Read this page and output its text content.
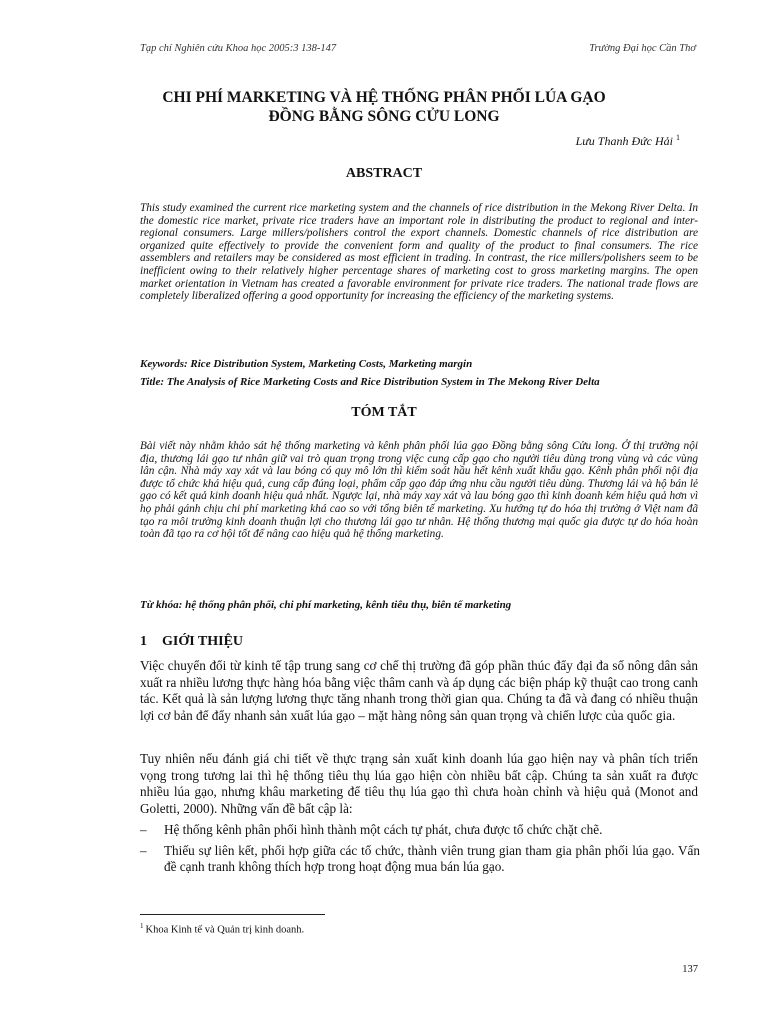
Tạp chí Nghiên cứu Khoa học 2005:3 138-147	Trường Đại học Cần Thơ
CHI PHÍ MARKETING VÀ HỆ THỐNG PHÂN PHỐI LÚA GẠO
ĐỒNG BẰNG SÔNG CỬU LONG
Lưu Thanh Đức Hải $^1$
ABSTRACT

This study examined the current rice marketing system and the channels of rice distribution in the Mekong River Delta. In the domestic rice market, private rice traders have an important role in distributing the product to regional and inter-regional consumers. Large millers/polishers control the export channels. Domestic channels of rice distribution are organized quite effectively to provide the convenient form and quality of the product to final consumers. The rice assemblers and retailers may be considered as most efficient in trading. In contrast, the rice millers/polishers seem to be inefficient owing to their relatively higher percentage shares of marketing cost to gross marketing margins. The open market orientation in Vietnam has created a favorable environment for private rice traders. The national trade flows are completely liberalized offering a good opportunity for increasing the efficiency of the marketing systems.

Keywords: Rice Distribution System, Marketing Costs, Marketing margin

Title: The Analysis of Rice Marketing Costs and Rice Distribution System in The Mekong River Delta

TÓM TẮT

Bài viết này nhằm khảo sát hệ thống marketing và kênh phân phối lúa gạo Đồng bằng sông Cửu long. Ở thị trường nội địa, thương lái gạo tư nhân giữ vai trò quan trọng trong việc cung cấp gạo cho người tiêu dùng trong vùng và các vùng lân cận. Nhà máy xay xát và lau bóng có quy mô lớn thì kiểm soát hầu hết kênh xuất khẩu gạo. Kênh phân phối nội địa được tổ chức khá hiệu quả, cung cấp đúng loại, phẩm cấp gạo đáp ứng nhu cầu người tiêu dùng. Thương lái và hộ bán lẻ gạo có kết quả kinh doanh hiệu quả nhất. Ngược lại, nhà máy xay xát và lau bóng gạo thì kinh doanh kém hiệu quả hơn vì họ phải gánh chịu chi phí marketing khá cao so với tổng biên tế marketing. Xu hướng tự do hóa thị trường ở Việt nam đã tạo ra môi trường kinh doanh thuận lợi cho thương lái gạo tư nhân. Hệ thống thương mại quốc gia được tự do hóa hoàn toàn đã tạo ra cơ hội tốt để nâng cao hiệu quả hệ thống marketing.

Từ khóa: hệ thống phân phối, chi phí marketing, kênh tiêu thụ, biên tế marketing

1 GIỚI THIỆU

Việc chuyển đổi từ kinh tế tập trung sang cơ chế thị trường đã góp phần thúc đẩy đại đa số nông dân sản xuất ra nhiều lương thực hàng hóa bằng việc thâm canh và áp dụng các biện pháp kỹ thuật cao trong canh tác. Kết quả là sản lượng lương thực tăng nhanh trong thời gian qua. Chúng ta đã và đang có nhiều thuận lợi cơ bản để đẩy nhanh sản xuất lúa gạo – mặt hàng nông sản quan trọng và chiến lược của quốc gia.

Tuy nhiên nếu đánh giá chi tiết về thực trạng sản xuất kinh doanh lúa gạo hiện nay và phân tích triển vọng trong tương lai thì hệ thống tiêu thụ lúa gạo hiện còn nhiều bất cập. Chúng ta sản xuất ra được nhiều lúa gạo, nhưng khâu marketing để tiêu thụ lúa gạo thì chưa hoàn chỉnh và hiệu quả (Monot and Goletti, 2000). Những vấn đề bất cập là:

– Hệ thống kênh phân phối hình thành một cách tự phát, chưa được tổ chức chặt chẽ.
– Thiếu sự liên kết, phối hợp giữa các tổ chức, thành viên trung gian tham gia phân phối lúa gạo. Vấn đề cạnh tranh không thích hợp trong hoạt động mua bán lúa gạo.
$^1$ Khoa Kinh tế và Quản trị kinh doanh.
137
